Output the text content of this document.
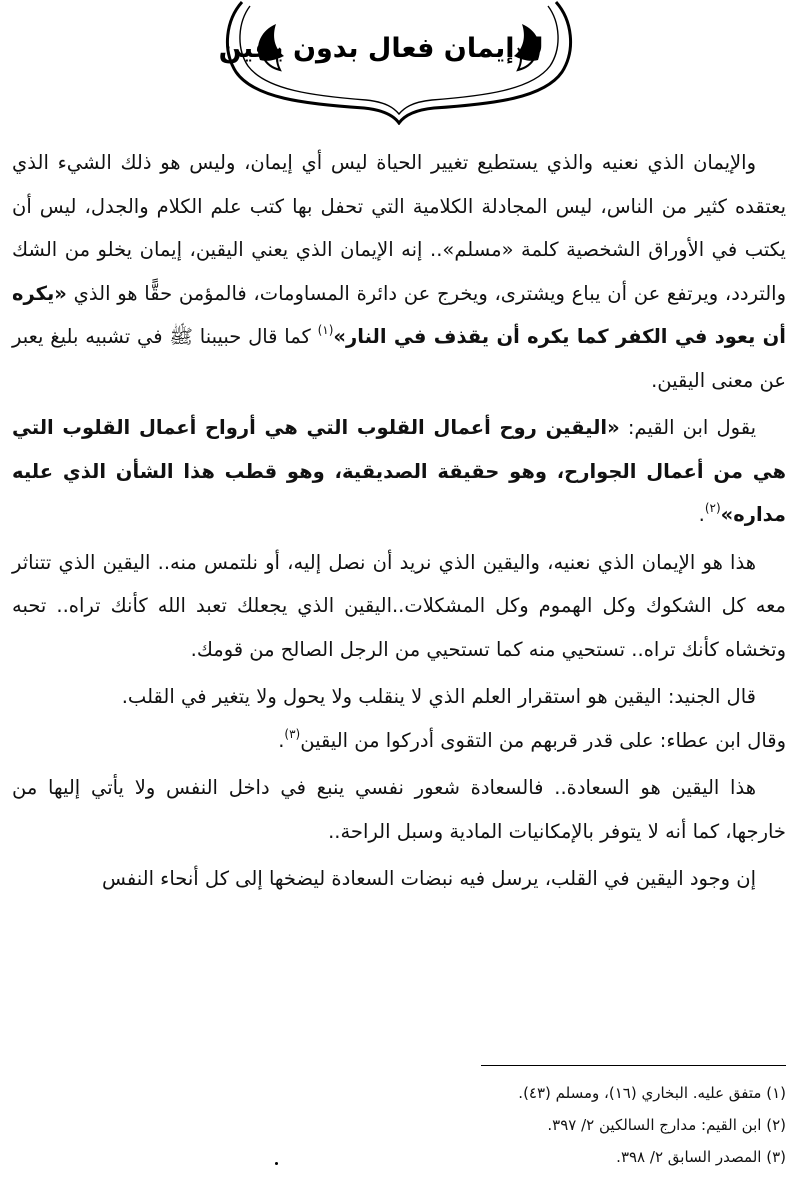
لا إيمان فعال بدون يقين

والإيمان الذي نعنيه والذي يستطيع تغيير الحياة ليس أي إيمان، وليس هو ذلك الشيء الذي يعتقده كثير من الناس، ليس المجادلة الكلامية التي تحفل بها كتب علم الكلام والجدل، ليس أن يكتب في الأوراق الشخصية كلمة «مسلم».. إنه الإيمان الذي يعني اليقين، إيمان يخلو من الشك والتردد، ويرتفع عن أن يباع ويشترى، ويخرج عن دائرة المساومات، فالمؤمن حقًّا هو الذي «يكره أن يعود في الكفر كما يكره أن يقذف في النار»$^{(١)}$ كما قال حبيبنا ﷺ في تشبيه بليغ يعبر عن معنى اليقين.

يقول ابن القيم: «اليقين روح أعمال القلوب التي هي أرواح أعمال القلوب التي هي من أعمال الجوارح، وهو حقيقة الصديقية، وهو قطب هذا الشأن الذي عليه مداره»$^{(٢)}$.

هذا هو الإيمان الذي نعنيه، واليقين الذي نريد أن نصل إليه، أو نلتمس منه.. اليقين الذي تتناثر معه كل الشكوك وكل الهموم وكل المشكلات..اليقين الذي يجعلك تعبد الله كأنك تراه.. تحبه وتخشاه كأنك تراه.. تستحيي منه كما تستحيي من الرجل الصالح من قومك.

قال الجنيد: اليقين هو استقرار العلم الذي لا ينقلب ولا يحول ولا يتغير في القلب.
وقال ابن عطاء: على قدر قربهم من التقوى أدركوا من اليقين$^{(٣)}$.

هذا اليقين هو السعادة.. فالسعادة شعور نفسي ينبع في داخل النفس ولا يأتي إليها من خارجها، كما أنه لا يتوفر بالإمكانيات المادية وسبل الراحة..

إن وجود اليقين في القلب، يرسل فيه نبضات السعادة ليضخها إلى كل أنحاء النفس

(١) متفق عليه. البخاري (١٦)، ومسلم (٤٣).

(٢) ابن القيم: مدارج السالكين ٢/ ٣٩٧.

(٣) المصدر السابق ٢/ ٣٩٨.
